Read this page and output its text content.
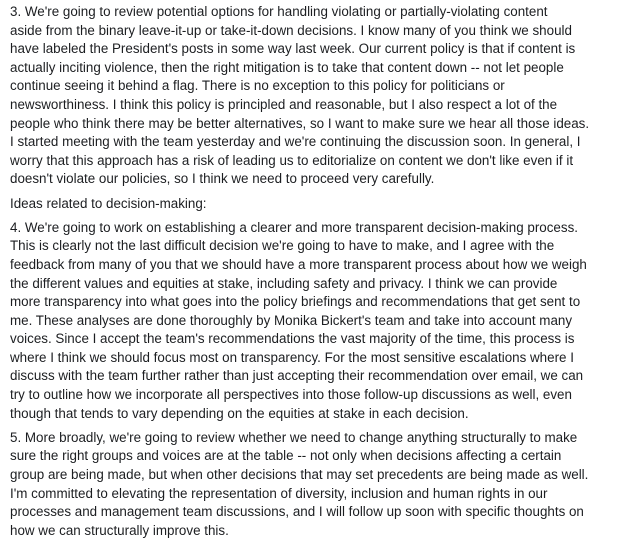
3. We're going to review potential options for handling violating or partially-violating content
aside from the binary leave-it-up or take-it-down decisions. I know many of you think we should
have labeled the President's posts in some way last week. Our current policy is that if content is
actually inciting violence, then the right mitigation is to take that content down -- not let people
continue seeing it behind a flag. There is no exception to this policy for politicians or
newsworthiness. I think this policy is principled and reasonable, but I also respect a lot of the
people who think there may be better alternatives, so I want to make sure we hear all those ideas.
I started meeting with the team yesterday and we're continuing the discussion soon. In general, I
worry that this approach has a risk of leading us to editorialize on content we don't like even if it
doesn't violate our policies, so I think we need to proceed very carefully.

Ideas related to decision-making:

4. We're going to work on establishing a clearer and more transparent decision-making process.
This is clearly not the last difficult decision we're going to have to make, and I agree with the
feedback from many of you that we should have a more transparent process about how we weigh
the different values and equities at stake, including safety and privacy. I think we can provide
more transparency into what goes into the policy briefings and recommendations that get sent to
me. These analyses are done thoroughly by Monika Bickert's team and take into account many
voices. Since I accept the team's recommendations the vast majority of the time, this process is
where I think we should focus most on transparency. For the most sensitive escalations where I
discuss with the team further rather than just accepting their recommendation over email, we can
try to outline how we incorporate all perspectives into those follow-up discussions as well, even
though that tends to vary depending on the equities at stake in each decision.

5. More broadly, we're going to review whether we need to change anything structurally to make
sure the right groups and voices are at the table -- not only when decisions affecting a certain
group are being made, but when other decisions that may set precedents are being made as well.
I'm committed to elevating the representation of diversity, inclusion and human rights in our
processes and management team discussions, and I will follow up soon with specific thoughts on
how we can structurally improve this.
